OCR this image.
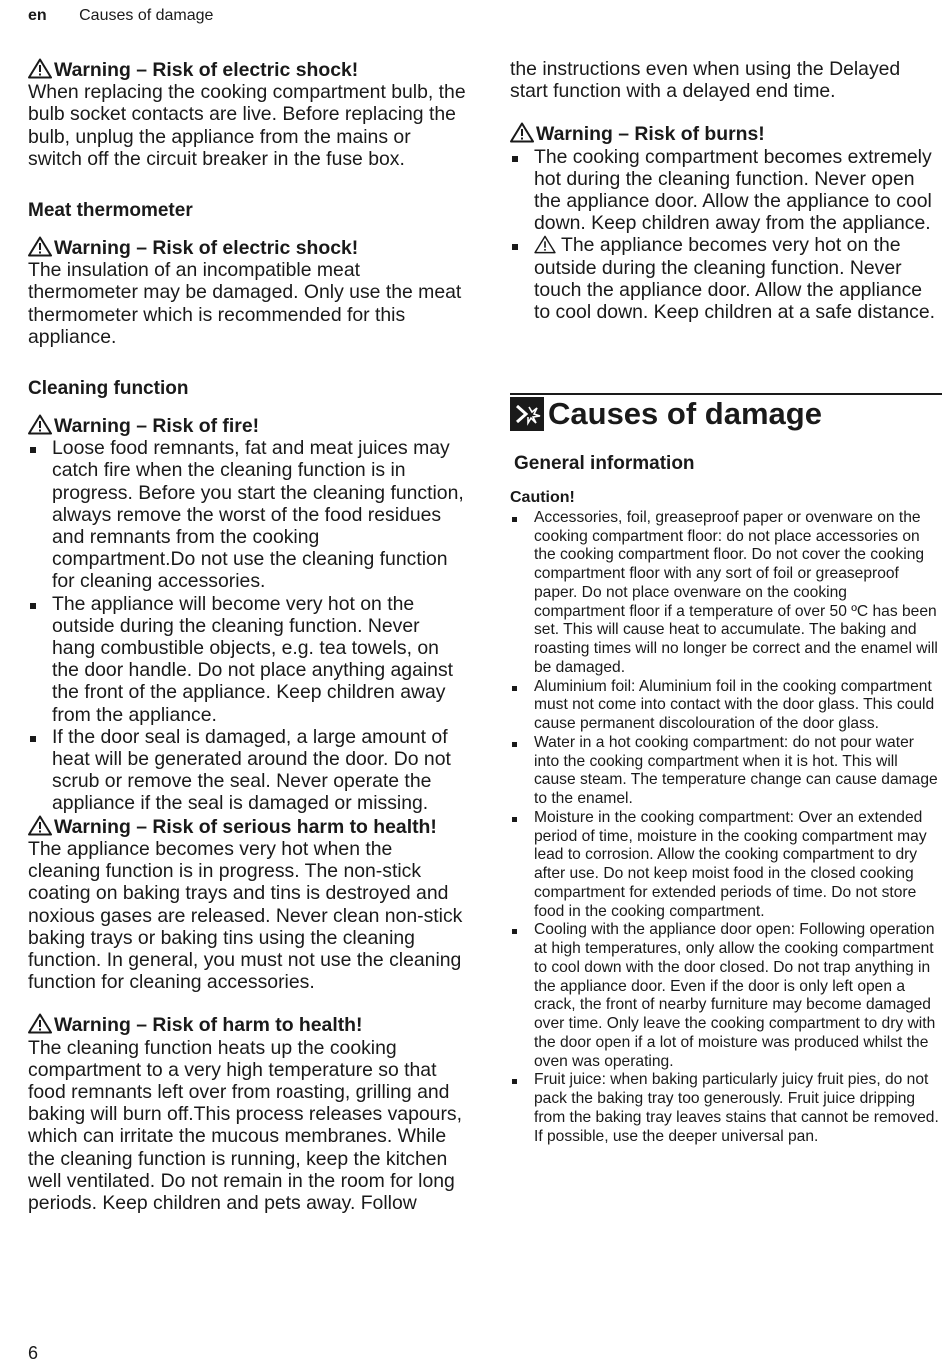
en Causes of damage
Warning – Risk of electric shock!
When replacing the cooking compartment bulb, the bulb socket contacts are live. Before replacing the bulb, unplug the appliance from the mains or switch off the circuit breaker in the fuse box.
Meat thermometer
Warning – Risk of electric shock!
The insulation of an incompatible meat thermometer may be damaged. Only use the meat thermometer which is recommended for this appliance.
Cleaning function
Warning – Risk of fire!
Loose food remnants, fat and meat juices may catch fire when the cleaning function is in progress. Before you start the cleaning function, always remove the worst of the food residues and remnants from the cooking compartment.Do not use the cleaning function for cleaning accessories.
The appliance will become very hot on the outside during the cleaning function. Never hang combustible objects, e.g. tea towels, on the door handle. Do not place anything against the front of the appliance. Keep children away from the appliance.
If the door seal is damaged, a large amount of heat will be generated around the door. Do not scrub or remove the seal. Never operate the appliance if the seal is damaged or missing.
Warning – Risk of serious harm to health!
The appliance becomes very hot when the cleaning function is in progress. The non-stick coating on baking trays and tins is destroyed and noxious gases are released. Never clean non-stick baking trays or baking tins using the cleaning function. In general, you must not use the cleaning function for cleaning accessories.
Warning – Risk of harm to health!
The cleaning function heats up the cooking compartment to a very high temperature so that food remnants left over from roasting, grilling and baking will burn off.This process releases vapours, which can irritate the mucous membranes. While the cleaning function is running, keep the kitchen well ventilated. Do not remain in the room for long periods. Keep children and pets away. Follow
the instructions even when using the Delayed start function with a delayed end time.
Warning – Risk of burns!
The cooking compartment becomes extremely hot during the cleaning function. Never open the appliance door. Allow the appliance to cool down. Keep children away from the appliance.
The appliance becomes very hot on the outside during the cleaning function. Never touch the appliance door. Allow the appliance to cool down. Keep children at a safe distance.
Causes of damage
General information
Caution!
Accessories, foil, greaseproof paper or ovenware on the cooking compartment floor: do not place accessories on the cooking compartment floor. Do not cover the cooking compartment floor with any sort of foil or greaseproof paper. Do not place ovenware on the cooking compartment floor if a temperature of over 50 ºC has been set. This will cause heat to accumulate. The baking and roasting times will no longer be correct and the enamel will be damaged.
Aluminium foil: Aluminium foil in the cooking compartment must not come into contact with the door glass. This could cause permanent discolouration of the door glass.
Water in a hot cooking compartment: do not pour water into the cooking compartment when it is hot. This will cause steam. The temperature change can cause damage to the enamel.
Moisture in the cooking compartment: Over an extended period of time, moisture in the cooking compartment may lead to corrosion. Allow the cooking compartment to dry after use. Do not keep moist food in the closed cooking compartment for extended periods of time. Do not store food in the cooking compartment.
Cooling with the appliance door open: Following operation at high temperatures, only allow the cooking compartment to cool down with the door closed. Do not trap anything in the appliance door. Even if the door is only left open a crack, the front of nearby furniture may become damaged over time. Only leave the cooking compartment to dry with the door open if a lot of moisture was produced whilst the oven was operating.
Fruit juice: when baking particularly juicy fruit pies, do not pack the baking tray too generously. Fruit juice dripping from the baking tray leaves stains that cannot be removed. If possible, use the deeper universal pan.
6
